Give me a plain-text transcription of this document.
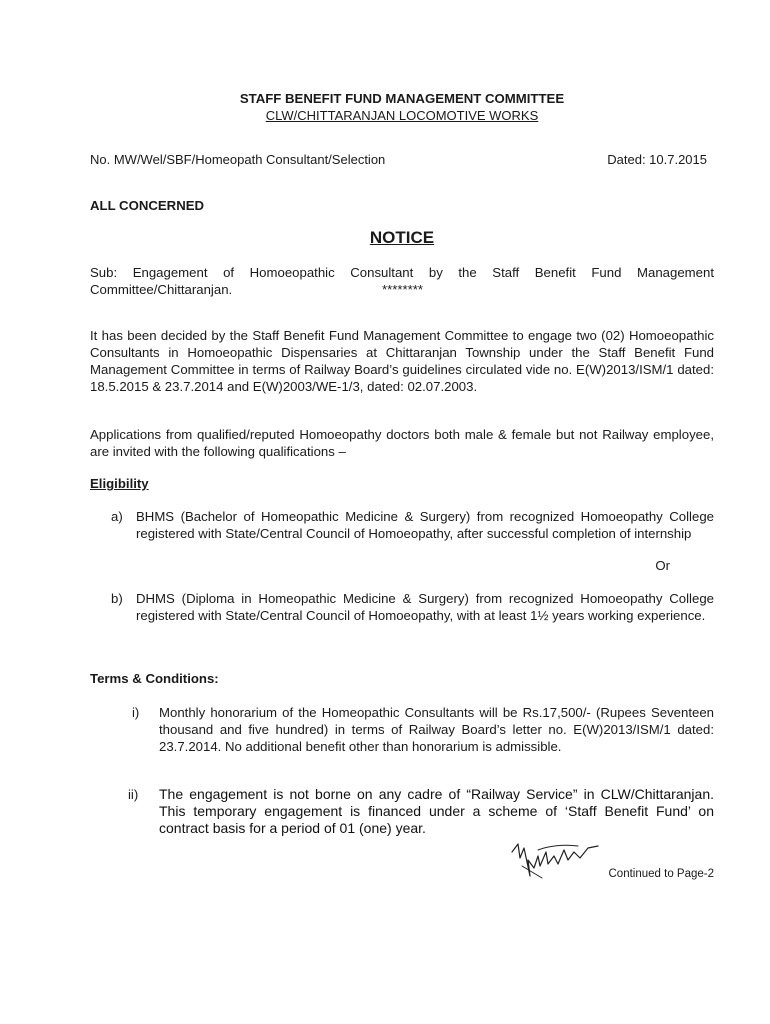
STAFF BENEFIT FUND MANAGEMENT COMMITTEE
CLW/CHITTARANJAN LOCOMOTIVE WORKS
No. MW/Wel/SBF/Homeopath Consultant/Selection	Dated: 10.7.2015
ALL CONCERNED
NOTICE
Sub: Engagement of Homoeopathic Consultant by the Staff Benefit Fund Management
Committee/Chittaranjan.	********
It has been decided by the Staff Benefit Fund Management Committee to engage two (02) Homoeopathic Consultants in Homoeopathic Dispensaries at Chittaranjan Township under the Staff Benefit Fund Management Committee in terms of Railway Board’s guidelines circulated vide no. E(W)2013/ISM/1 dated: 18.5.2015 & 23.7.2014 and E(W)2003/WE-1/3, dated: 02.07.2003.
Applications from qualified/reputed Homoeopathy doctors both male & female but not Railway employee, are invited with the following qualifications –
Eligibility
a) BHMS (Bachelor of Homeopathic Medicine & Surgery) from recognized Homoeopathy College registered with State/Central Council of Homoeopathy, after successful completion of internship
Or
b) DHMS (Diploma in Homeopathic Medicine & Surgery) from recognized Homoeopathy College registered with State/Central Council of Homoeopathy, with at least 1½ years working experience.
Terms & Conditions:
i) Monthly honorarium of the Homeopathic Consultants will be Rs.17,500/- (Rupees Seventeen thousand and five hundred) in terms of Railway Board’s letter no. E(W)2013/ISM/1 dated: 23.7.2014. No additional benefit other than honorarium is admissible.
ii) The engagement is not borne on any cadre of “Railway Service” in CLW/Chittaranjan. This temporary engagement is financed under a scheme of ‘Staff Benefit Fund’ on contract basis for a period of 01 (one) year.
Continued to Page-2
